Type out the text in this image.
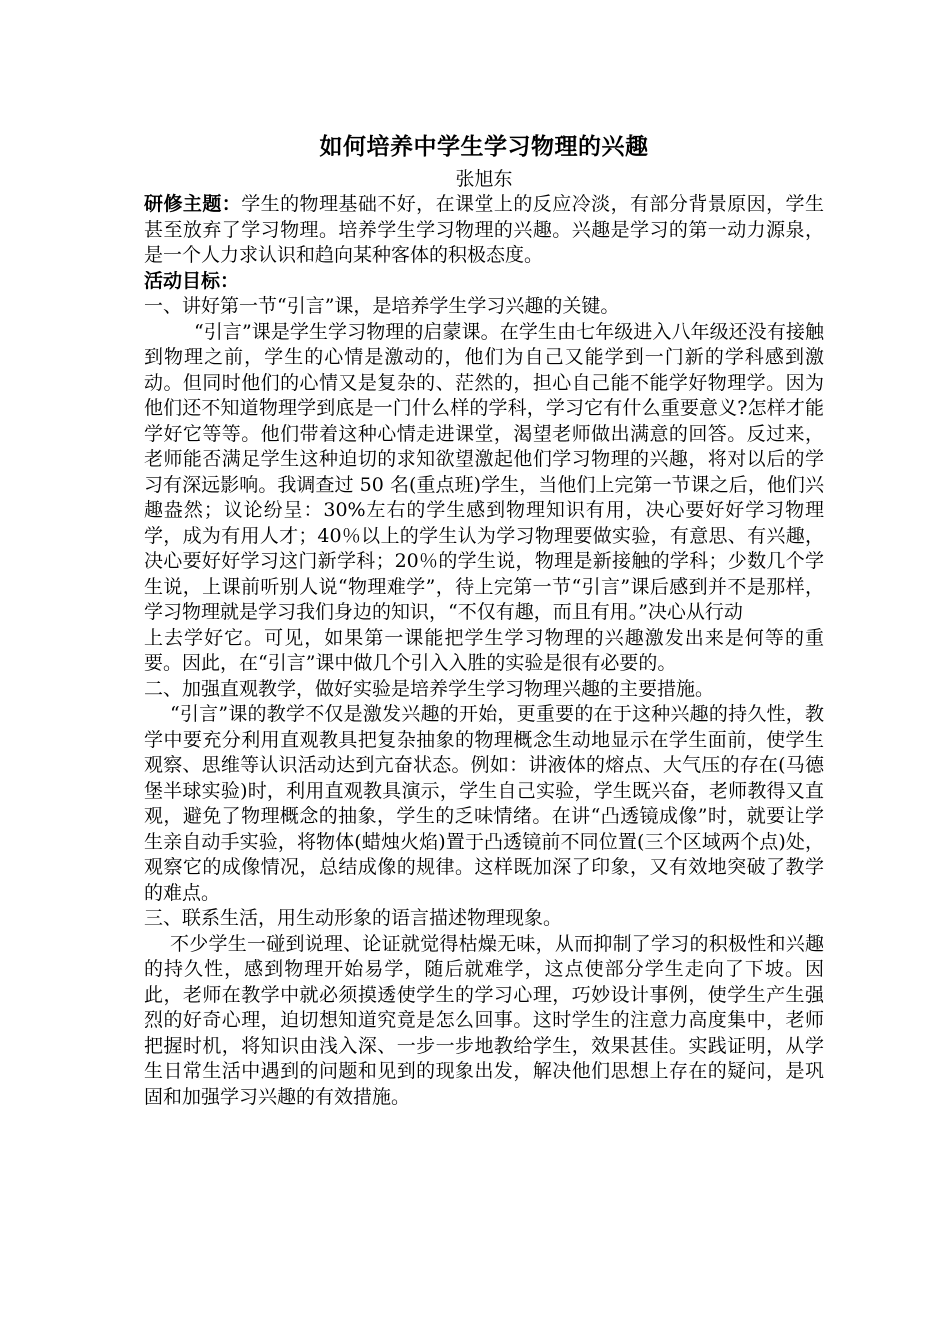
如何培养中学生学习物理的兴趣

张旭东

研修主题：学生的物理基础不好，在课堂上的反应冷淡，有部分背景原因，学生甚至放弃了学习物理。培养学生学习物理的兴趣。兴趣是学习的第一动力源泉，是一个人力求认识和趋向某种客体的积极态度。

活动目标：

一、讲好第一节“引言”课，是培养学生学习兴趣的关键。

“引言”课是学生学习物理的启蒙课。在学生由七年级进入八年级还没有接触到物理之前，学生的心情是激动的，他们为自己又能学到一门新的学科感到激动。但同时他们的心情又是复杂的、茫然的，担心自己能不能学好物理学。因为他们还不知道物理学到底是一门什么样的学科，学习它有什么重要意义?怎样才能学好它等等。他们带着这种心情走进课堂，渴望老师做出满意的回答。反过来，老师能否满足学生这种迫切的求知欲望激起他们学习物理的兴趣，将对以后的学习有深远影响。我调查过 50 名(重点班)学生，当他们上完第一节课之后，他们兴趣盎然；议论纷呈：30%左右的学生感到物理知识有用，决心要好好学习物理学，成为有用人才；40％以上的学生认为学习物理要做实验，有意思、有兴趣，决心要好好学习这门新学科；20％的学生说，物理是新接触的学科；少数几个学生说，上课前听别人说“物理难学”，待上完第一节“引言”课后感到并不是那样，学习物理就是学习我们身边的知识，“不仅有趣，而且有用。”决心从行动

上去学好它。可见，如果第一课能把学生学习物理的兴趣激发出来是何等的重要。因此，在“引言”课中做几个引入入胜的实验是很有必要的。

二、加强直观教学，做好实验是培养学生学习物理兴趣的主要措施。

“引言”课的教学不仅是激发兴趣的开始，更重要的在于这种兴趣的持久性，教学中要充分利用直观教具把复杂抽象的物理概念生动地显示在学生面前，使学生观察、思维等认识活动达到亢奋状态。例如：讲液体的熔点、大气压的存在(马德堡半球实验)时，利用直观教具演示，学生自己实验，学生既兴奋，老师教得又直观，避免了物理概念的抽象，学生的乏味情绪。在讲“凸透镜成像”时，就要让学生亲自动手实验，将物体(蜡烛火焰)置于凸透镜前不同位置(三个区域两个点)处，观察它的成像情况，总结成像的规律。这样既加深了印象，又有效地突破了教学的难点。

三、联系生活，用生动形象的语言描述物理现象。

不少学生一碰到说理、论证就觉得枯燥无味，从而抑制了学习的积极性和兴趣的持久性，感到物理开始易学，随后就难学，这点使部分学生走向了下坡。因此，老师在教学中就必须摸透使学生的学习心理，巧妙设计事例，使学生产生强烈的好奇心理，迫切想知道究竟是怎么回事。这时学生的注意力高度集中，老师把握时机，将知识由浅入深、一步一步地教给学生，效果甚佳。实践证明，从学生日常生活中遇到的问题和见到的现象出发，解决他们思想上存在的疑问，是巩固和加强学习兴趣的有效措施。
